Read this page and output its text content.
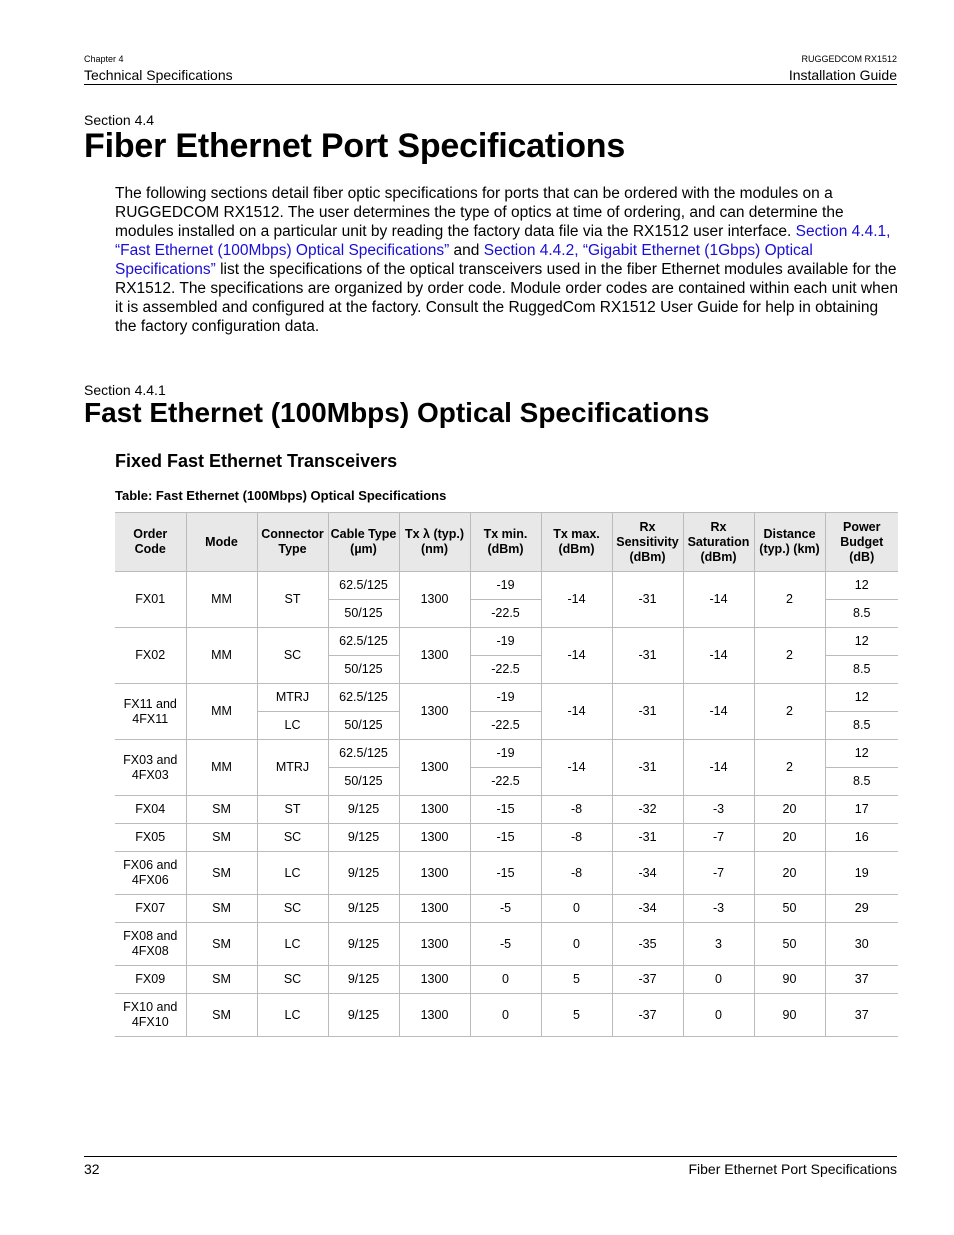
Chapter 4
Technical Specifications
RUGGEDCOM RX1512
Installation Guide
Section 4.4
Fiber Ethernet Port Specifications
The following sections detail fiber optic specifications for ports that can be ordered with the modules on a RUGGEDCOM RX1512. The user determines the type of optics at time of ordering, and can determine the modules installed on a particular unit by reading the factory data file via the RX1512 user interface. Section 4.4.1, “Fast Ethernet (100Mbps) Optical Specifications” and Section 4.4.2, “Gigabit Ethernet (1Gbps) Optical Specifications” list the specifications of the optical transceivers used in the fiber Ethernet modules available for the RX1512. The specifications are organized by order code. Module order codes are contained within each unit when it is assembled and configured at the factory. Consult the RuggedCom RX1512 User Guide for help in obtaining the factory configuration data.
Section 4.4.1
Fast Ethernet (100Mbps) Optical Specifications
Fixed Fast Ethernet Transceivers
Table: Fast Ethernet (100Mbps) Optical Specifications
Order Code	Mode	Connector Type	Cable Type (µm)	Tx λ (typ.) (nm)	Tx min. (dBm)	Tx max. (dBm)	Rx Sensitivity (dBm)	Rx Saturation (dBm)	Distance (typ.) (km)	Power Budget (dB)
FX01	MM	ST	62.5/125	1300	-19	-14	-31	-14	2	12
			50/125		-22.5					8.5
FX02	MM	SC	62.5/125	1300	-19	-14	-31	-14	2	12
			50/125		-22.5					8.5
FX11 and 4FX11	MM	MTRJ	62.5/125	1300	-19	-14	-31	-14	2	12
		LC	50/125		-22.5					8.5
FX03 and 4FX03	MM	MTRJ	62.5/125	1300	-19	-14	-31	-14	2	12
			50/125		-22.5					8.5
FX04	SM	ST	9/125	1300	-15	-8	-32	-3	20	17
FX05	SM	SC	9/125	1300	-15	-8	-31	-7	20	16
FX06 and 4FX06	SM	LC	9/125	1300	-15	-8	-34	-7	20	19
FX07	SM	SC	9/125	1300	-5	0	-34	-3	50	29
FX08 and 4FX08	SM	LC	9/125	1300	-5	0	-35	3	50	30
FX09	SM	SC	9/125	1300	0	5	-37	0	90	37
FX10 and 4FX10	SM	LC	9/125	1300	0	5	-37	0	90	37
32	Fiber Ethernet Port Specifications
